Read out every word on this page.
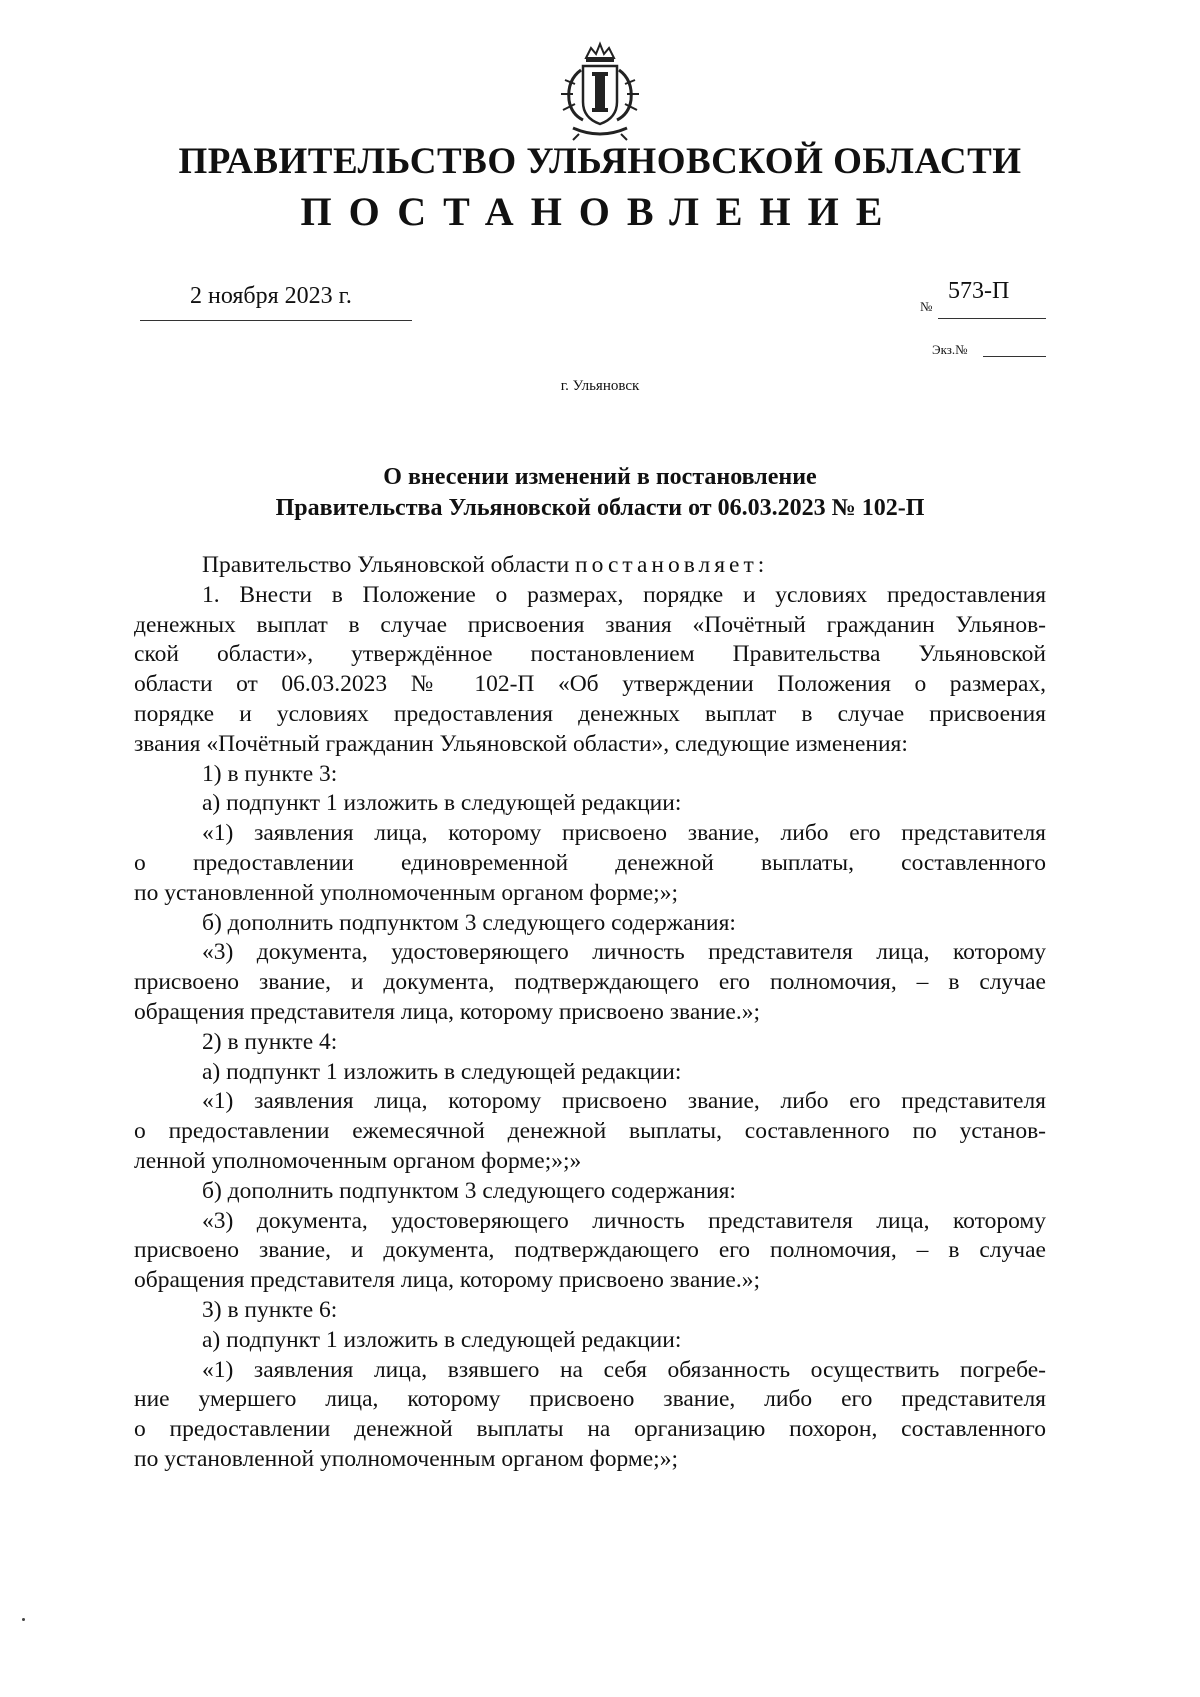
ПРАВИТЕЛЬСТВО УЛЬЯНОВСКОЙ ОБЛАСТИ
ПОСТАНОВЛЕНИЕ
2 ноября 2023 г.	№
573-П
Экз.№
г. Ульяновск
О внесении изменений в постановление
Правительства Ульяновской области от 06.03.2023 № 102-П
Правительство Ульяновской области постановляет:
1. Внести в Положение о размерах, порядке и условиях предоставления
денежных выплат в случае присвоения звания «Почётный гражданин Ульянов-
ской области», утверждённое постановлением Правительства Ульяновской
области от 06.03.2023 № 102-П «Об утверждении Положения о размерах,
порядке и условиях предоставления денежных выплат в случае присвоения
звания «Почётный гражданин Ульяновской области», следующие изменения:
1) в пункте 3:
а) подпункт 1 изложить в следующей редакции:
«1) заявления лица, которому присвоено звание, либо его представителя
о предоставлении единовременной денежной выплаты, составленного
по установленной уполномоченным органом форме;»;
б) дополнить подпунктом 3 следующего содержания:
«3) документа, удостоверяющего личность представителя лица, которому
присвоено звание, и документа, подтверждающего его полномочия, – в случае
обращения представителя лица, которому присвоено звание.»;
2) в пункте 4:
а) подпункт 1 изложить в следующей редакции:
«1) заявления лица, которому присвоено звание, либо его представителя
о предоставлении ежемесячной денежной выплаты, составленного по установ-
ленной уполномоченным органом форме;»;»
б) дополнить подпунктом 3 следующего содержания:
«3) документа, удостоверяющего личность представителя лица, которому
присвоено звание, и документа, подтверждающего его полномочия, – в случае
обращения представителя лица, которому присвоено звание.»;
3) в пункте 6:
а) подпункт 1 изложить в следующей редакции:
«1) заявления лица, взявшего на себя обязанность осуществить погребе-
ние умершего лица, которому присвоено звание, либо его представителя
о предоставлении денежной выплаты на организацию похорон, составленного
по установленной уполномоченным органом форме;»;
